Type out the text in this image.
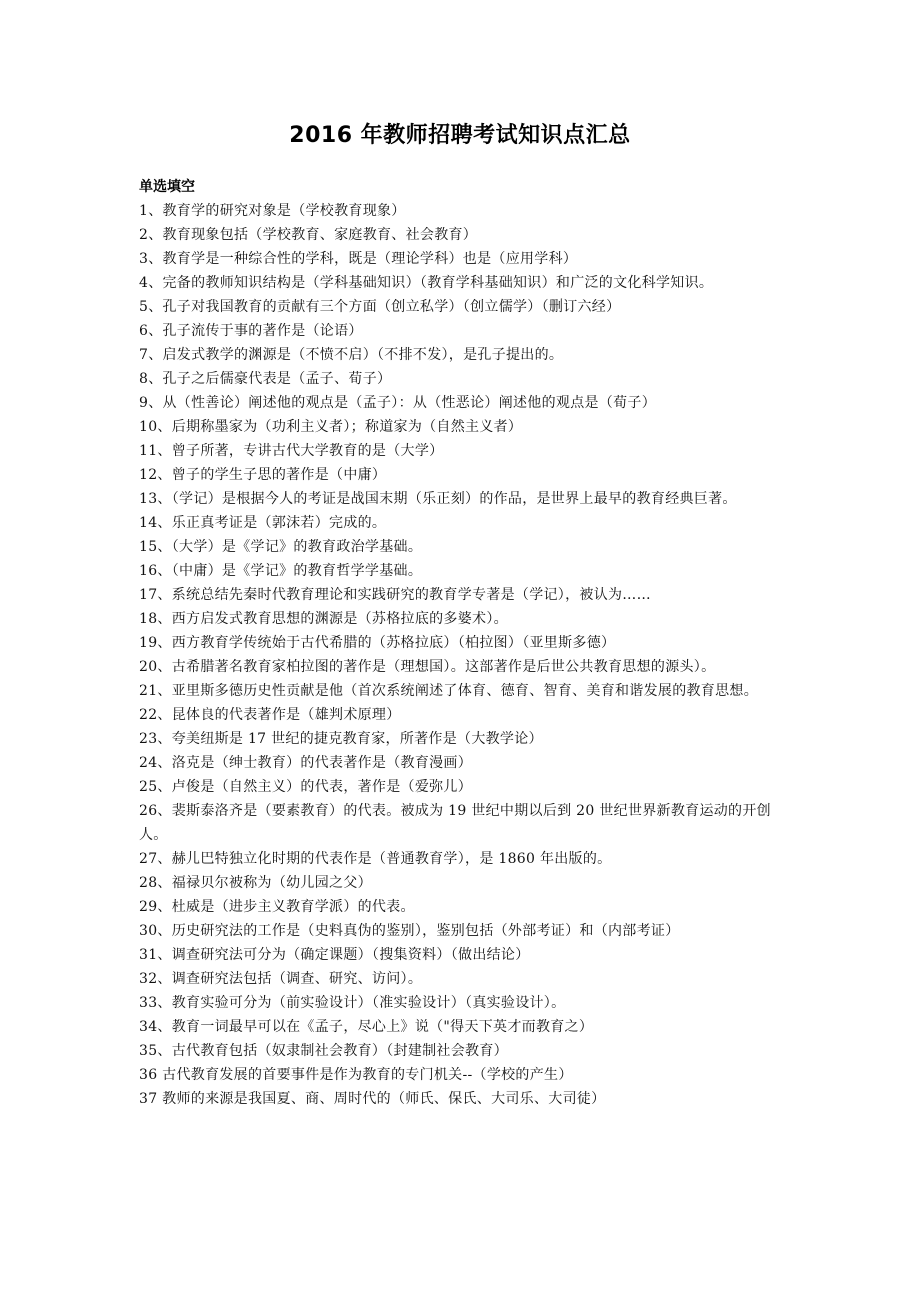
2016 年教师招聘考试知识点汇总
单选填空
1、教育学的研究对象是（学校教育现象）
2、教育现象包括（学校教育、家庭教育、社会教育）
3、教育学是一种综合性的学科，既是（理论学科）也是（应用学科）
4、完备的教师知识结构是（学科基础知识）（教育学科基础知识）和广泛的文化科学知识。
5、孔子对我国教育的贡献有三个方面（创立私学）（创立儒学）（删订六经）
6、孔子流传于事的著作是（论语）
7、启发式教学的渊源是（不愤不启）（不排不发），是孔子提出的。
8、孔子之后儒豪代表是（孟子、荀子）
9、从（性善论）阐述他的观点是（孟子）：从（性恶论）阐述他的观点是（荀子）
10、后期称墨家为（功利主义者）；称道家为（自然主义者）
11、曾子所著，专讲古代大学教育的是（大学）
12、曾子的学生子思的著作是（中庸）
13、（学记）是根据今人的考证是战国末期（乐正刻）的作品，是世界上最早的教育经典巨著。
14、乐正真考证是（郭沫若）完成的。
15、（大学）是《学记》的教育政治学基础。
16、（中庸）是《学记》的教育哲学学基础。
17、系统总结先秦时代教育理论和实践研究的教育学专著是（学记），被认为……
18、西方启发式教育思想的渊源是（苏格拉底的多婆术）。
19、西方教育学传统始于古代希腊的（苏格拉底）（柏拉图）（亚里斯多德）
20、古希腊著名教育家柏拉图的著作是（理想国）。这部著作是后世公共教育思想的源头）。
21、亚里斯多德历史性贡献是他（首次系统阐述了体育、德育、智育、美育和谐发展的教育思想。
22、昆体良的代表著作是（雄判术原理）
23、夸美纽斯是 17 世纪的捷克教育家，所著作是（大教学论）
24、洛克是（绅士教育）的代表著作是（教育漫画）
25、卢俊是（自然主义）的代表，著作是（爱弥儿）
26、裴斯泰洛齐是（要素教育）的代表。被成为 19 世纪中期以后到 20 世纪世界新教育运动的开创人。
27、赫儿巴特独立化时期的代表作是（普通教育学），是 1860 年出版的。
28、福禄贝尔被称为（幼儿园之父）
29、杜威是（进步主义教育学派）的代表。
30、历史研究法的工作是（史料真伪的鉴别），鉴别包括（外部考证）和（内部考证）
31、调查研究法可分为（确定课题）（搜集资料）（做出结论）
32、调查研究法包括（调查、研究、访问）。
33、教育实验可分为（前实验设计）（准实验设计）（真实验设计）。
34、教育一词最早可以在《孟子，尽心上》说（"得天下英才而教育之）
35、古代教育包括（奴隶制社会教育）（封建制社会教育）
36 古代教育发展的首要事件是作为教育的专门机关--（学校的产生）
37 教师的来源是我国夏、商、周时代的（师氏、保氏、大司乐、大司徒）
